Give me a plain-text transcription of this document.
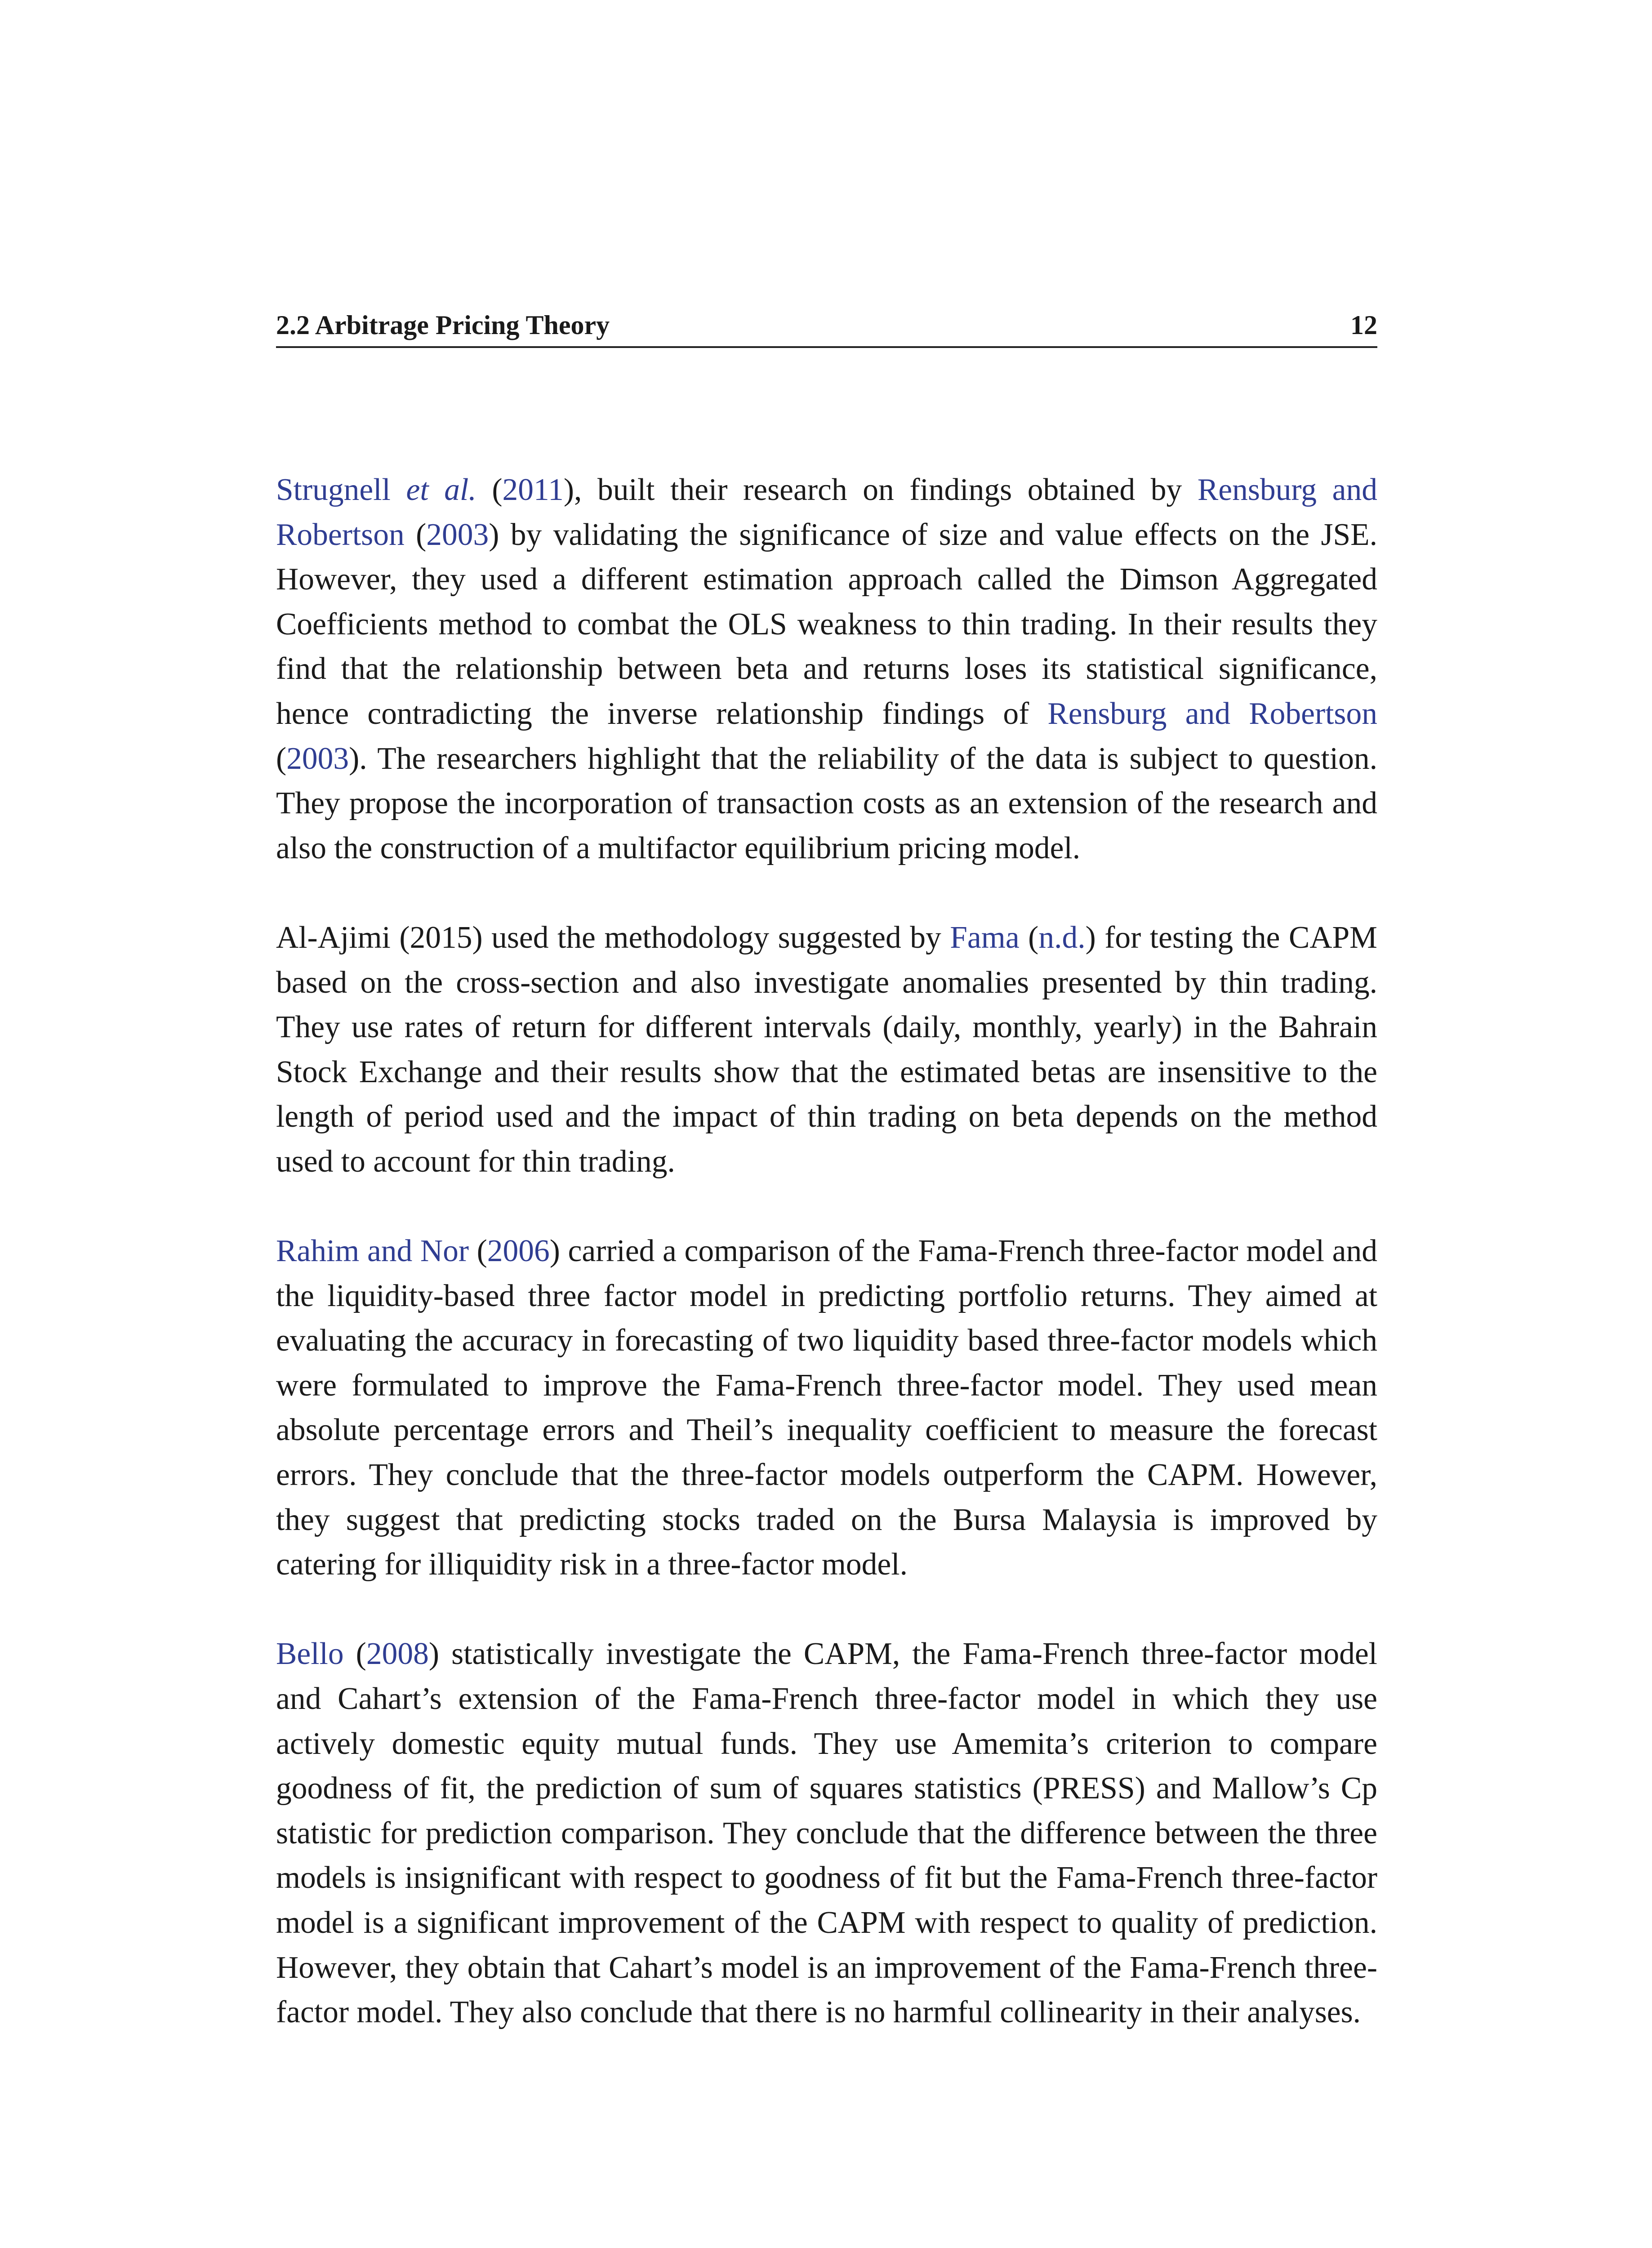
2.2 Arbitrage Pricing Theory	12

Strugnell et al. (2011), built their research on findings obtained by Rensburg and Robertson (2003) by validating the significance of size and value effects on the JSE. However, they used a different estimation approach called the Dimson Aggregated Coefficients method to combat the OLS weakness to thin trading. In their results they find that the relationship between beta and returns loses its statistical significance, hence contradicting the inverse relationship findings of Rensburg and Robertson (2003). The researchers highlight that the reliability of the data is subject to question. They propose the incorporation of transaction costs as an extension of the research and also the construction of a multifactor equilibrium pricing model.

Al-Ajimi (2015) used the methodology suggested by Fama (n.d.) for testing the CAPM based on the cross-section and also investigate anomalies presented by thin trading. They use rates of return for different intervals (daily, monthly, yearly) in the Bahrain Stock Exchange and their results show that the estimated betas are insensitive to the length of period used and the impact of thin trading on beta depends on the method used to account for thin trading.

Rahim and Nor (2006) carried a comparison of the Fama-French three-factor model and the liquidity-based three factor model in predicting portfolio returns. They aimed at evaluating the accuracy in forecasting of two liquidity based three-factor models which were formulated to improve the Fama-French three-factor model. They used mean absolute percentage errors and Theil’s inequality coefficient to measure the forecast errors. They conclude that the three-factor models outperform the CAPM. However, they suggest that predicting stocks traded on the Bursa Malaysia is improved by catering for illiquidity risk in a three-factor model.

Bello (2008) statistically investigate the CAPM, the Fama-French three-factor model and Cahart’s extension of the Fama-French three-factor model in which they use actively domestic equity mutual funds. They use Amemita’s criterion to compare goodness of fit, the prediction of sum of squares statistics (PRESS) and Mallow’s Cp statistic for prediction comparison. They conclude that the difference between the three models is insignificant with respect to goodness of fit but the Fama-French three-factor model is a significant improvement of the CAPM with respect to quality of prediction. However, they obtain that Cahart’s model is an improvement of the Fama-French three-factor model. They also conclude that there is no harmful collinearity in their analyses.
